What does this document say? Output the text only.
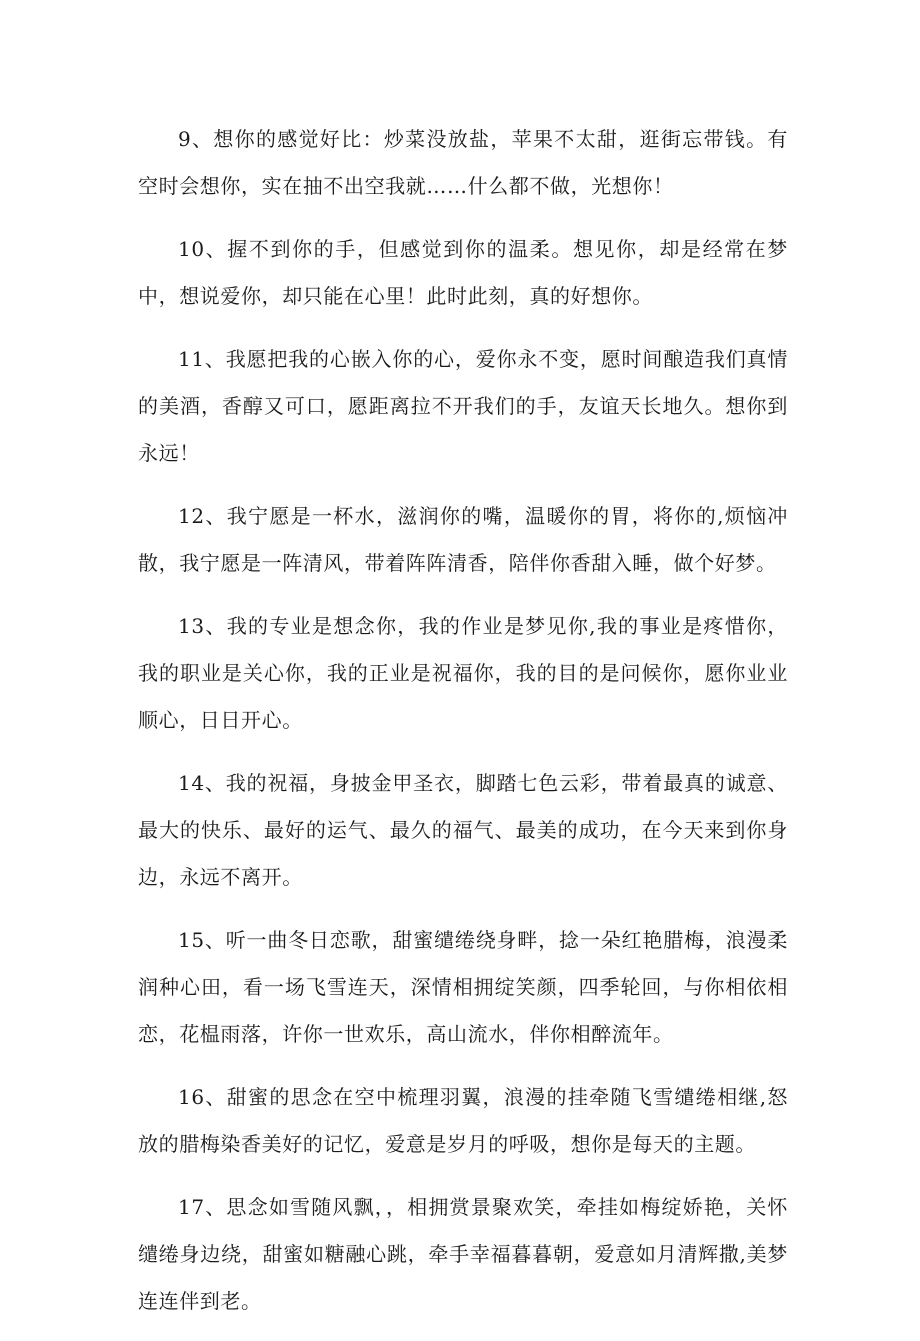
9、想你的感觉好比：炒菜没放盐，苹果不太甜，逛街忘带钱。有空时会想你，实在抽不出空我就……什么都不做，光想你！

10、握不到你的手，但感觉到你的温柔。想见你，却是经常在梦中，想说爱你，却只能在心里！此时此刻，真的好想你。

11、我愿把我的心嵌入你的心，爱你永不变，愿时间酿造我们真情的美酒，香醇又可口，愿距离拉不开我们的手，友谊天长地久。想你到永远！

12、我宁愿是一杯水，滋润你的嘴，温暖你的胃，将你的,烦恼冲散，我宁愿是一阵清风，带着阵阵清香，陪伴你香甜入睡，做个好梦。

13、我的专业是想念你，我的作业是梦见你,我的事业是疼惜你，我的职业是关心你，我的正业是祝福你，我的目的是问候你，愿你业业顺心，日日开心。

14、我的祝福，身披金甲圣衣，脚踏七色云彩，带着最真的诚意、最大的快乐、最好的运气、最久的福气、最美的成功，在今天来到你身边，永远不离开。

15、听一曲冬日恋歌，甜蜜缱绻绕身畔，捻一朵红艳腊梅，浪漫柔润种心田，看一场飞雪连天，深情相拥绽笑颜，四季轮回，与你相依相恋，花榅雨落，许你一世欢乐，高山流水，伴你相醉流年。

16、甜蜜的思念在空中梳理羽翼，浪漫的挂牵随飞雪缱绻相继,怒放的腊梅染香美好的记忆，爱意是岁月的呼吸，想你是每天的主题。

17、思念如雪随风飘，，相拥赏景聚欢笑，牵挂如梅绽娇艳，关怀缱绻身边绕，甜蜜如糖融心跳，牵手幸福暮暮朝，爱意如月清辉撒,美梦连连伴到老。
